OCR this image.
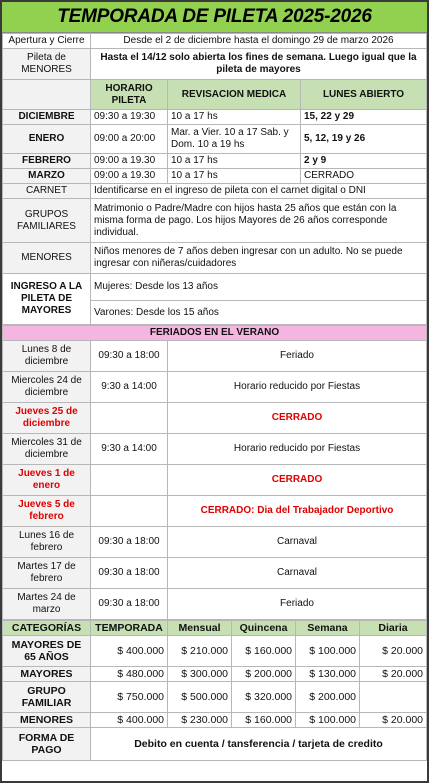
TEMPORADA DE PILETA 2025-2026
Apertura y Cierre	Desde el 2 de diciembre hasta el domingo 29 de marzo 2026		
Pileta de MENORES	Hasta el 14/12 solo abierta los fines de semana. Luego igual que la pileta de mayores		
	HORARIO PILETA	REVISACION MEDICA	LUNES ABIERTO
DICIEMBRE	09:30 a 19:30	10 a 17 hs	15, 22 y 29
ENERO	09:00 a 20:00	Mar. a Vier. 10 a 17 Sab. y Dom. 10 a 19 hs	5, 12, 19 y 26
FEBRERO	09:00 a 19.30	10 a 17 hs	2 y 9
MARZO	09:00 a 19.30	10 a 17 hs	CERRADO
CARNET	Identificarse en el ingreso de pileta con el carnet digital o DNI		
GRUPOS FAMILIARES	Matrimonio o Padre/Madre con hijos hasta 25 años que están con la misma forma de pago. Los hijos Mayores de 26 años corresponde individual.		
MENORES	Niños menores de 7 años deben ingresar con un adulto. No se puede ingresar con niñeras/cuidadores		
INGRESO A LA PILETA DE MAYORES	Mujeres: Desde los 13 años		
	Varones: Desde los 15 años		
FERIADOS EN EL VERANO		
Lunes 8 de diciembre	09:30 a 18:00	Feriado
Miercoles 24 de diciembre	9:30 a 14:00	Horario reducido por Fiestas
Jueves 25 de diciembre		CERRADO
Miercoles 31 de diciembre	9:30 a 14:00	Horario reducido por Fiestas
Jueves 1 de enero		CERRADO
Jueves 5 de febrero		CERRADO: Dia del Trabajador Deportivo
Lunes 16 de febrero	09:30 a 18:00	Carnaval
Martes 17 de febrero	09:30 a 18:00	Carnaval
Martes 24 de marzo	09:30 a 18:00	Feriado
CATEGORÍAS	TEMPORADA	Mensual	Quincena	Semana	Diaria
MAYORES DE 65 AÑOS	$ 400.000	$ 210.000	$ 160.000	$ 100.000	$ 20.000
MAYORES	$ 480.000	$ 300.000	$ 200.000	$ 130.000	$ 20.000
GRUPO FAMILIAR	$ 750.000	$ 500.000	$ 320.000	$ 200.000	
MENORES	$ 400.000	$ 230.000	$ 160.000	$ 100.000	$ 20.000
FORMA DE PAGO	Debito en cuenta / tansferencia / tarjeta de credito				
